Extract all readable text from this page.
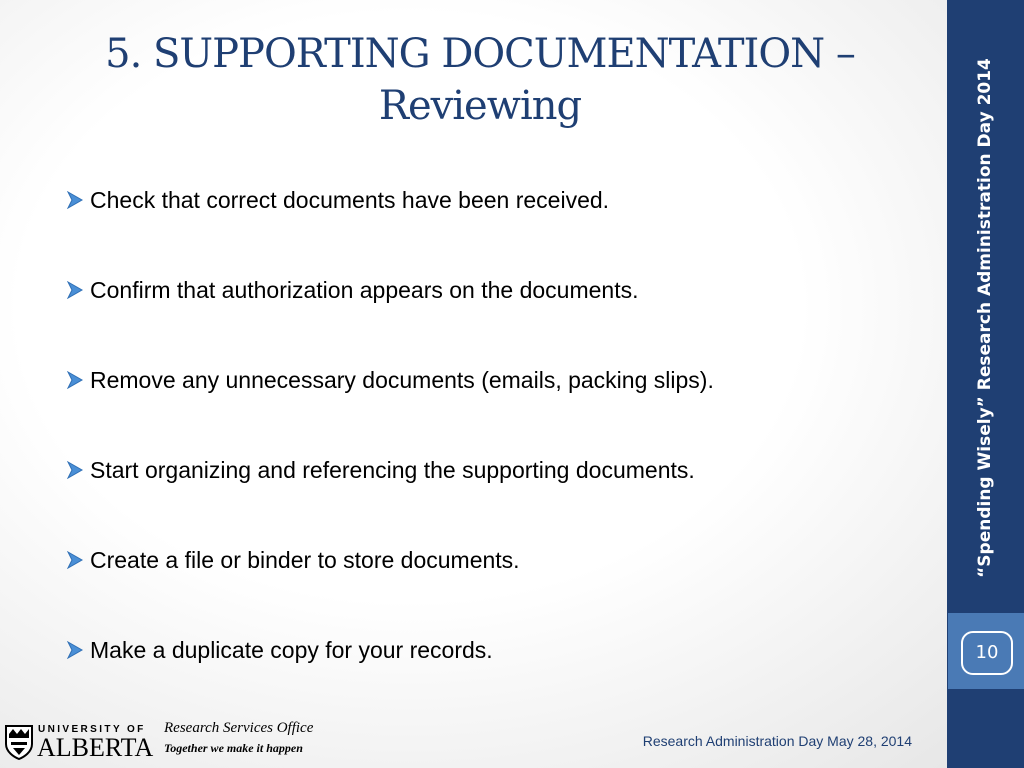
“Spending Wisely” Research Administration Day 2014
10
5. SUPPORTING DOCUMENTATION –
Reviewing
Check that correct documents have been received.
Confirm that authorization appears on the documents.
Remove any unnecessary documents (emails, packing slips).
Start organizing and referencing the supporting documents.
Create a file or binder to store documents.
Make a duplicate copy for your records.
UNIVERSITY OF
ALBERTA
Research Services Office
Together we make it happen	Research Administration Day May 28, 2014
